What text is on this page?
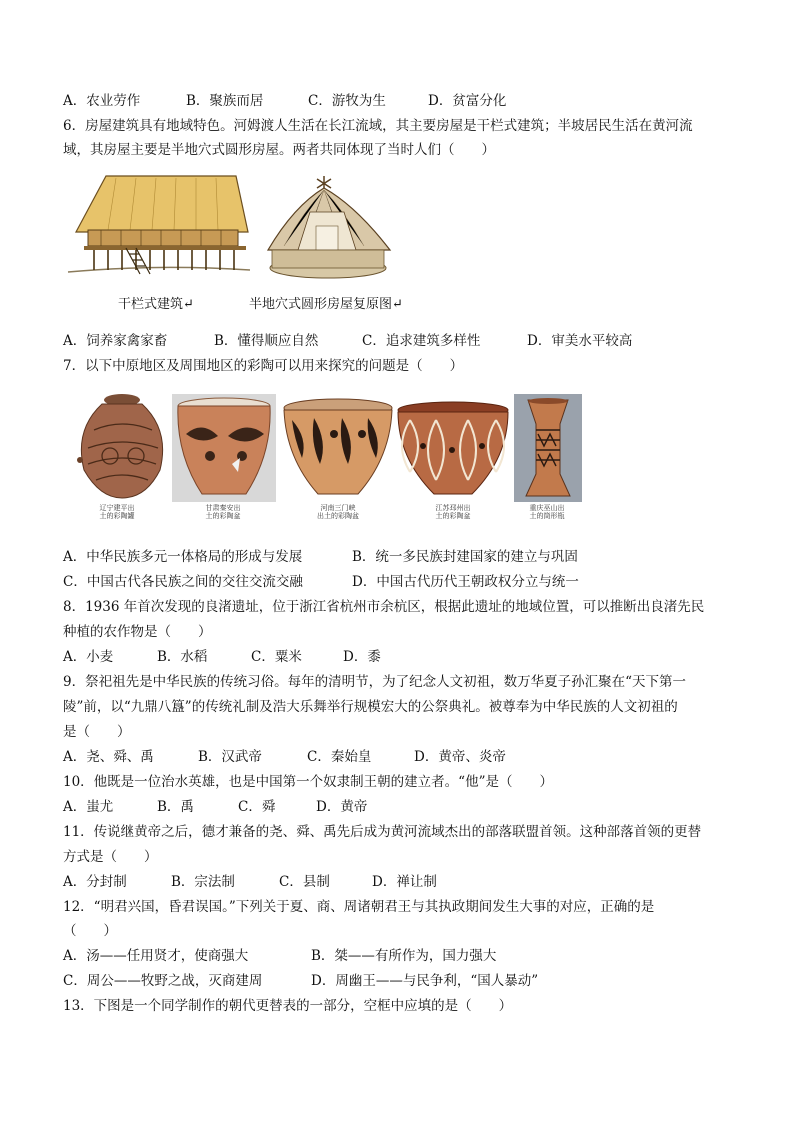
A．农业劳作	B．聚族而居	C．游牧为生	D．贫富分化
6．房屋建筑具有地域特色。河姆渡人生活在长江流域，其主要房屋是干栏式建筑；半坡居民生活在黄河流
域，其房屋主要是半地穴式圆形房屋。两者共同体现了当时人们（　　）
干栏式建筑↵	半地穴式圆形房屋复原图↵
A．饲养家禽家畜	B．懂得顺应自然	C．追求建筑多样性	D．审美水平较高
7．以下中原地区及周围地区的彩陶可以用来探究的问题是（　　）
辽宁建平出
土的彩陶罐
甘肃秦安出
土的彩陶盆
河南三门峡
出土的彩陶盆
江苏邳州出
土的彩陶盆
重庆巫山出
土的筒形瓶
A．中华民族多元一体格局的形成与发展	B．统一多民族封建国家的建立与巩固
C．中国古代各民族之间的交往交流交融	D．中国古代历代王朝政权分立与统一
8．1936 年首次发现的良渚遗址，位于浙江省杭州市余杭区，根据此遗址的地域位置，可以推断出良渚先民
种植的农作物是（　　）
A．小麦	B．水稻	C．粟米	D．黍
9．祭祀祖先是中华民族的传统习俗。每年的清明节，为了纪念人文初祖，数万华夏子孙汇聚在“天下第一
陵”前，以“九鼎八簋”的传统礼制及浩大乐舞举行规模宏大的公祭典礼。被尊奉为中华民族的人文初祖的
是（　　）
A．尧、舜、禹	B．汉武帝	C．秦始皇	D．黄帝、炎帝
10．他既是一位治水英雄，也是中国第一个奴隶制王朝的建立者。“他”是（　　）
A．蚩尤	B．禹	C．舜	D．黄帝
11．传说继黄帝之后，德才兼备的尧、舜、禹先后成为黄河流域杰出的部落联盟首领。这种部落首领的更替
方式是（　　）
A．分封制	B．宗法制	C．县制	D．禅让制
12．“明君兴国，昏君误国。”下列关于夏、商、周诸朝君王与其执政期间发生大事的对应，正确的是
（　　）
A．汤——任用贤才，使商强大	B．桀——有所作为，国力强大
C．周公——牧野之战，灭商建周	D．周幽王——与民争利，“国人暴动”
13．下图是一个同学制作的朝代更替表的一部分，空框中应填的是（　　）
